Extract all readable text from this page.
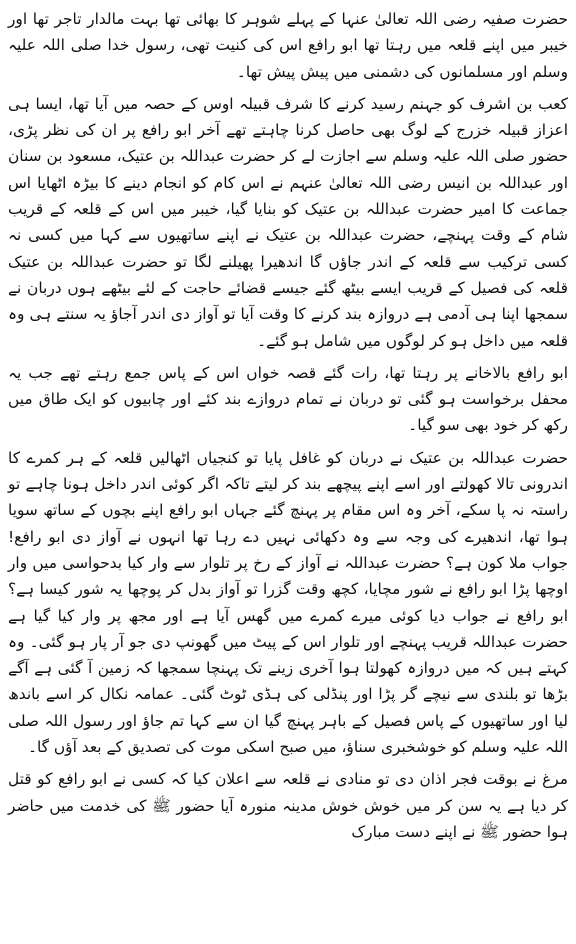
حضرت صفیہ رضی اللہ تعالیٰ عنہا کے پہلے شوہر کا بھائی تھا بہت مالدار تاجر تھا اور خیبر میں اپنے قلعہ میں رہتا تھا ابو رافع اس کی کنیت تھی، رسول خدا صلی اللہ علیہ وسلم اور مسلمانوں کی دشمنی میں پیش پیش تھا۔

کعب بن اشرف کو جہنم رسید کرنے کا شرف قبیلہ اوس کے حصہ میں آیا تھا، ایسا ہی اعزاز قبیلہ خزرج کے لوگ بھی حاصل کرنا چاہتے تھے آخر ابو رافع پر ان کی نظر پڑی، حضور صلی اللہ علیہ وسلم سے اجازت لے کر حضرت عبداللہ بن عتیک، مسعود بن سنان اور عبداللہ بن انیس رضی اللہ تعالیٰ عنہم نے اس کام کو انجام دینے کا بیڑہ اٹھایا اس جماعت کا امیر حضرت عبداللہ بن عتیک کو بنایا گیا، خیبر میں اس کے قلعہ کے قریب شام کے وقت پہنچے، حضرت عبداللہ بن عتیک نے اپنے ساتھیوں سے کہا میں کسی نہ کسی ترکیب سے قلعہ کے اندر جاؤں گا اندھیرا پھیلنے لگا تو حضرت عبداللہ بن عتیک قلعہ کی فصیل کے قریب ایسے بیٹھ گئے جیسے قضائے حاجت کے لئے بیٹھے ہوں دربان نے سمجھا اپنا ہی آدمی ہے دروازہ بند کرنے کا وقت آیا تو آواز دی اندر آجاؤ یہ سنتے ہی وہ قلعہ میں داخل ہو کر لوگوں میں شامل ہو گئے۔

ابو رافع بالاخانے پر رہتا تھا، رات گئے قصہ خواں اس کے پاس جمع رہتے تھے جب یہ محفل برخواست ہو گئی تو دربان نے تمام دروازے بند کئے اور چابیوں کو ایک طاق میں رکھ کر خود بھی سو گیا۔

حضرت عبداللہ بن عتیک نے دربان کو غافل پایا تو کنجیاں اٹھالیں قلعہ کے ہر کمرے کا اندرونی تالا کھولتے اور اسے اپنے پیچھے بند کر لیتے تاکہ اگر کوئی اندر داخل ہونا چاہے تو راستہ نہ پا سکے، آخر وہ اس مقام پر پہنچ گئے جہاں ابو رافع اپنے بچوں کے ساتھ سویا ہوا تھا، اندھیرے کی وجہ سے وہ دکھائی نہیں دے رہا تھا انہوں نے آواز دی ابو رافع! جواب ملا کون ہے؟ حضرت عبداللہ نے آواز کے رخ پر تلوار سے وار کیا بدحواسی میں وار اوچھا پڑا ابو رافع نے شور مچایا، کچھ وقت گزرا تو آواز بدل کر پوچھا یہ شور کیسا ہے؟ ابو رافع نے جواب دیا کوئی میرے کمرے میں گھس آیا ہے اور مجھ پر وار کیا گیا ہے حضرت عبداللہ قریب پہنچے اور تلوار اس کے پیٹ میں گھونپ دی جو آر پار ہو گئی۔ وہ کہتے ہیں کہ میں دروازہ کھولتا ہوا آخری زینے تک پہنچا سمجھا کہ زمین آ گئی ہے آگے بڑھا تو بلندی سے نیچے گر پڑا اور پنڈلی کی ہڈی ٹوٹ گئی۔ عمامہ نکال کر اسے باندھ لیا اور ساتھیوں کے پاس فصیل کے باہر پہنچ گیا ان سے کہا تم جاؤ اور رسول اللہ صلی اللہ علیہ وسلم کو خوشخبری سناؤ، میں صبح اسکی موت کی تصدیق کے بعد آؤں گا۔

مرغ نے بوقت فجر اذان دی تو منادی نے قلعہ سے اعلان کیا کہ کسی نے ابو رافع کو قتل کر دیا ہے یہ سن کر میں خوش خوش مدینہ منورہ آیا حضور ﷺ کی خدمت میں حاضر ہوا حضور ﷺ نے اپنے دست مبارک
